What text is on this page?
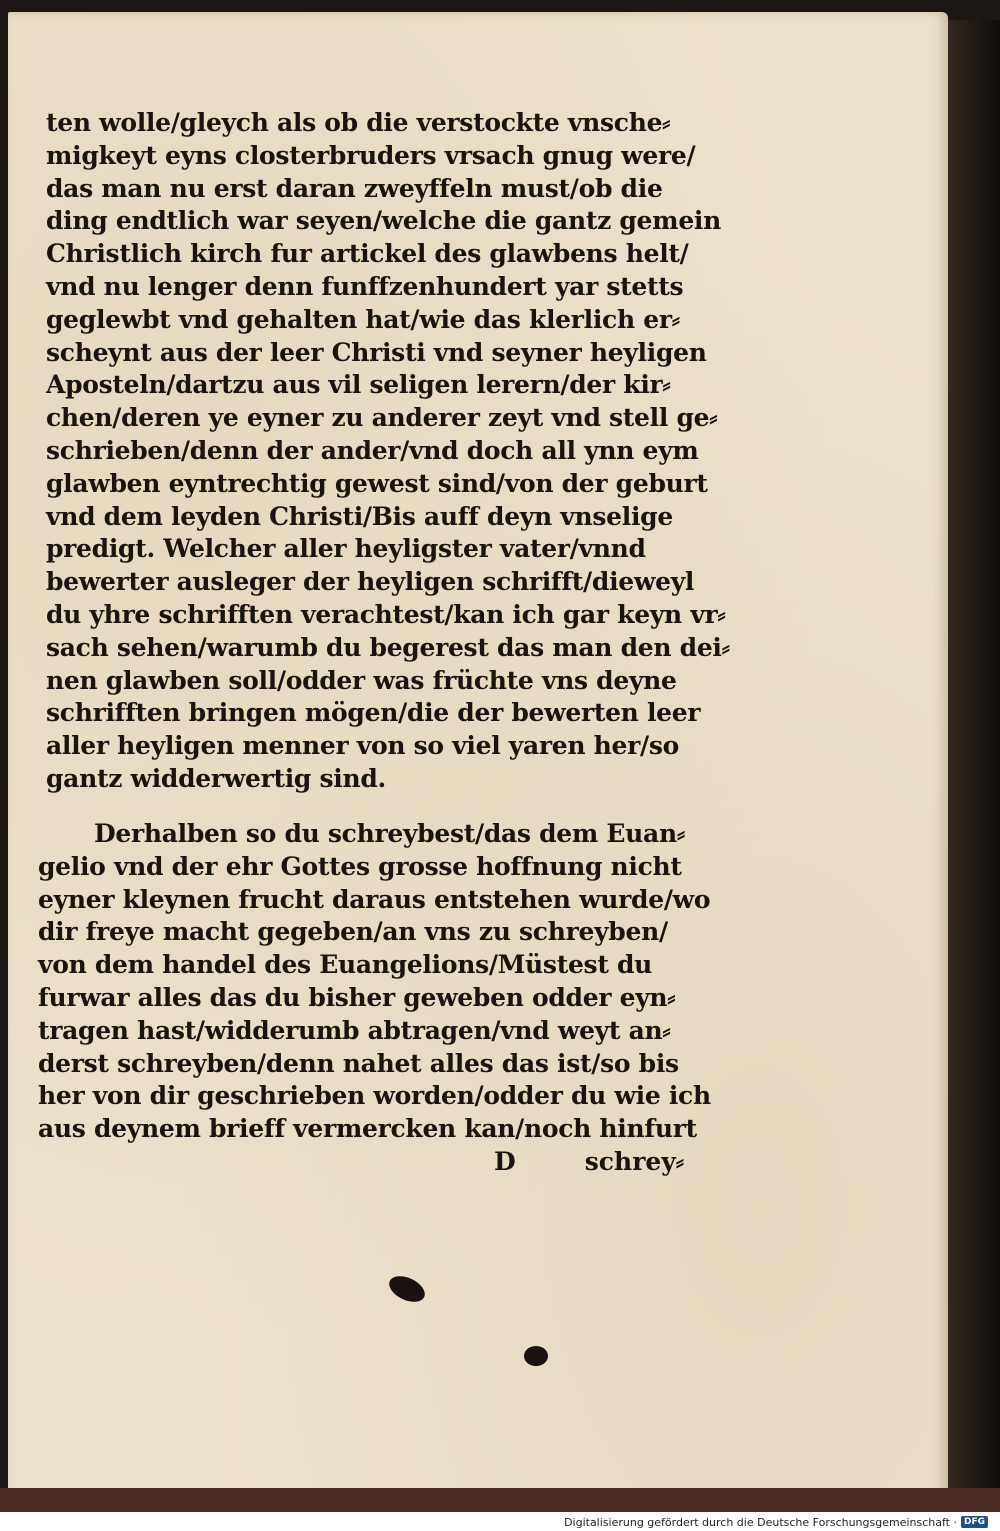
ten wolle/gleych als ob die verstockte vnsche⸗
migkeyt eyns closterbruders vrsach gnug were/
das man nu erst daran zweyffeln must/ob die
ding endtlich war seyen/welche die gantz gemein
Christlich kirch fur artickel des glawbens helt/
vnd nu lenger denn funffzenhundert yar stetts
geglewbt vnd gehalten hat/wie das klerlich er⸗
scheynt aus der leer Christi vnd seyner heyligen
Aposteln/dartzu aus vil seligen lerern/der kir⸗
chen/deren ye eyner zu anderer zeyt vnd stell ge⸗
schrieben/denn der ander/vnd doch all ynn eym
glawben eyntrechtig gewest sind/von der geburt
vnd dem leyden Christi/Bis auff deyn vnselige
predigt. Welcher aller heyligster vater/vnnd
bewerter ausleger der heyligen schrifft/dieweyl
du yhre schrifften verachtest/kan ich gar keyn vr⸗
sach sehen/warumb du begerest das man den dei⸗
nen glawben soll/odder was früchte vns deyne
schrifften bringen mögen/die der bewerten leer
aller heyligen menner von so viel yaren her/so
gantz widderwertig sind.
Derhalben so du schreybest/das dem Euan⸗
gelio vnd der ehr Gottes grosse hoffnung nicht
eyner kleynen frucht daraus entstehen wurde/wo
dir freye macht gegeben/an vns zu schreyben/
von dem handel des Euangelions/Müstest du
furwar alles das du bisher geweben odder eyn⸗
tragen hast/widderumb abtragen/vnd weyt an⸗
derst schreyben/denn nahet alles das ist/so bis
her von dir geschrieben worden/odder du wie ich
aus deynem brieff vermercken kan/noch hinfurt
D	schrey⸗
Digitalisierung gefördert durch die Deutsche Forschungsgemeinschaft · DFG
